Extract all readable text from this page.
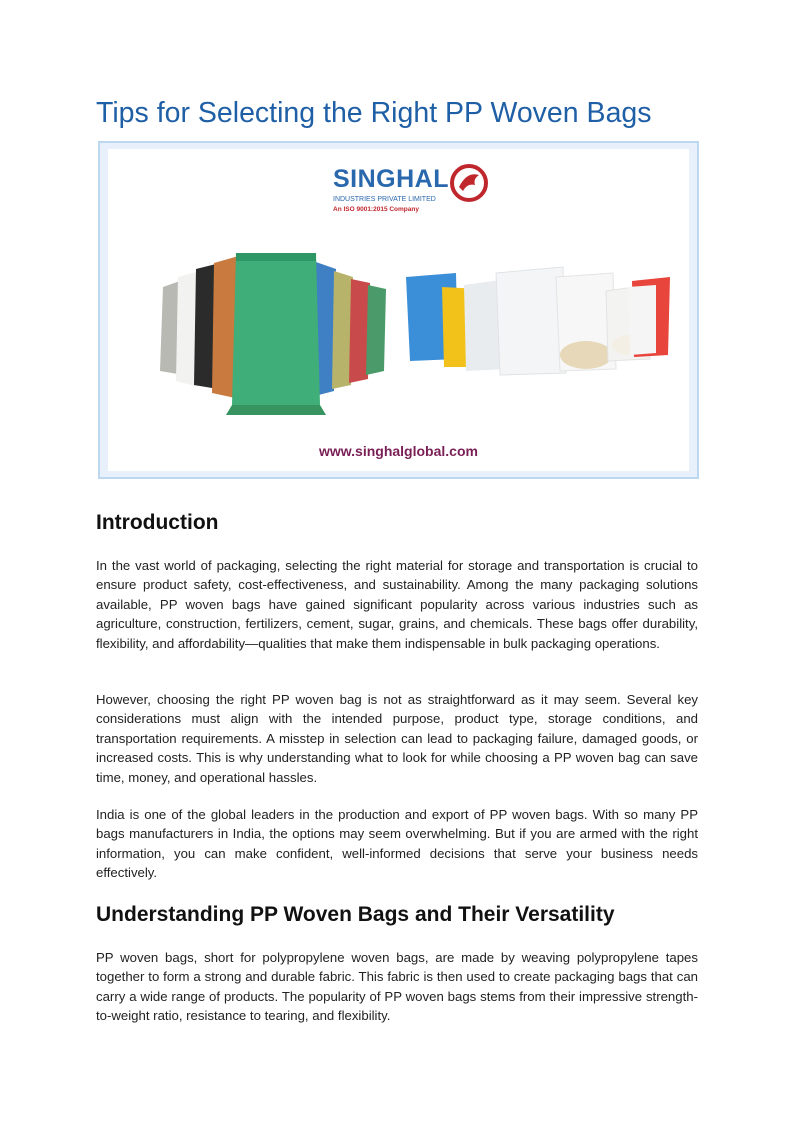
Tips for Selecting the Right PP Woven Bags
SINGHAL
INDUSTRIES PRIVATE LIMITED
An ISO 9001:2015 Company
www.singhalglobal.com
Introduction

In the vast world of packaging, selecting the right material for storage and transportation is crucial to ensure product safety, cost-effectiveness, and sustainability. Among the many packaging solutions available, PP woven bags have gained significant popularity across various industries such as agriculture, construction, fertilizers, cement, sugar, grains, and chemicals. These bags offer durability, flexibility, and affordability—qualities that make them indispensable in bulk packaging operations.

However, choosing the right PP woven bag is not as straightforward as it may seem. Several key considerations must align with the intended purpose, product type, storage conditions, and transportation requirements. A misstep in selection can lead to packaging failure, damaged goods, or increased costs. This is why understanding what to look for while choosing a PP woven bag can save time, money, and operational hassles.

India is one of the global leaders in the production and export of PP woven bags. With so many PP bags manufacturers in India, the options may seem overwhelming. But if you are armed with the right information, you can make confident, well-informed decisions that serve your business needs effectively.

Understanding PP Woven Bags and Their Versatility

PP woven bags, short for polypropylene woven bags, are made by weaving polypropylene tapes together to form a strong and durable fabric. This fabric is then used to create packaging bags that can carry a wide range of products. The popularity of PP woven bags stems from their impressive strength-to-weight ratio, resistance to tearing, and flexibility.
